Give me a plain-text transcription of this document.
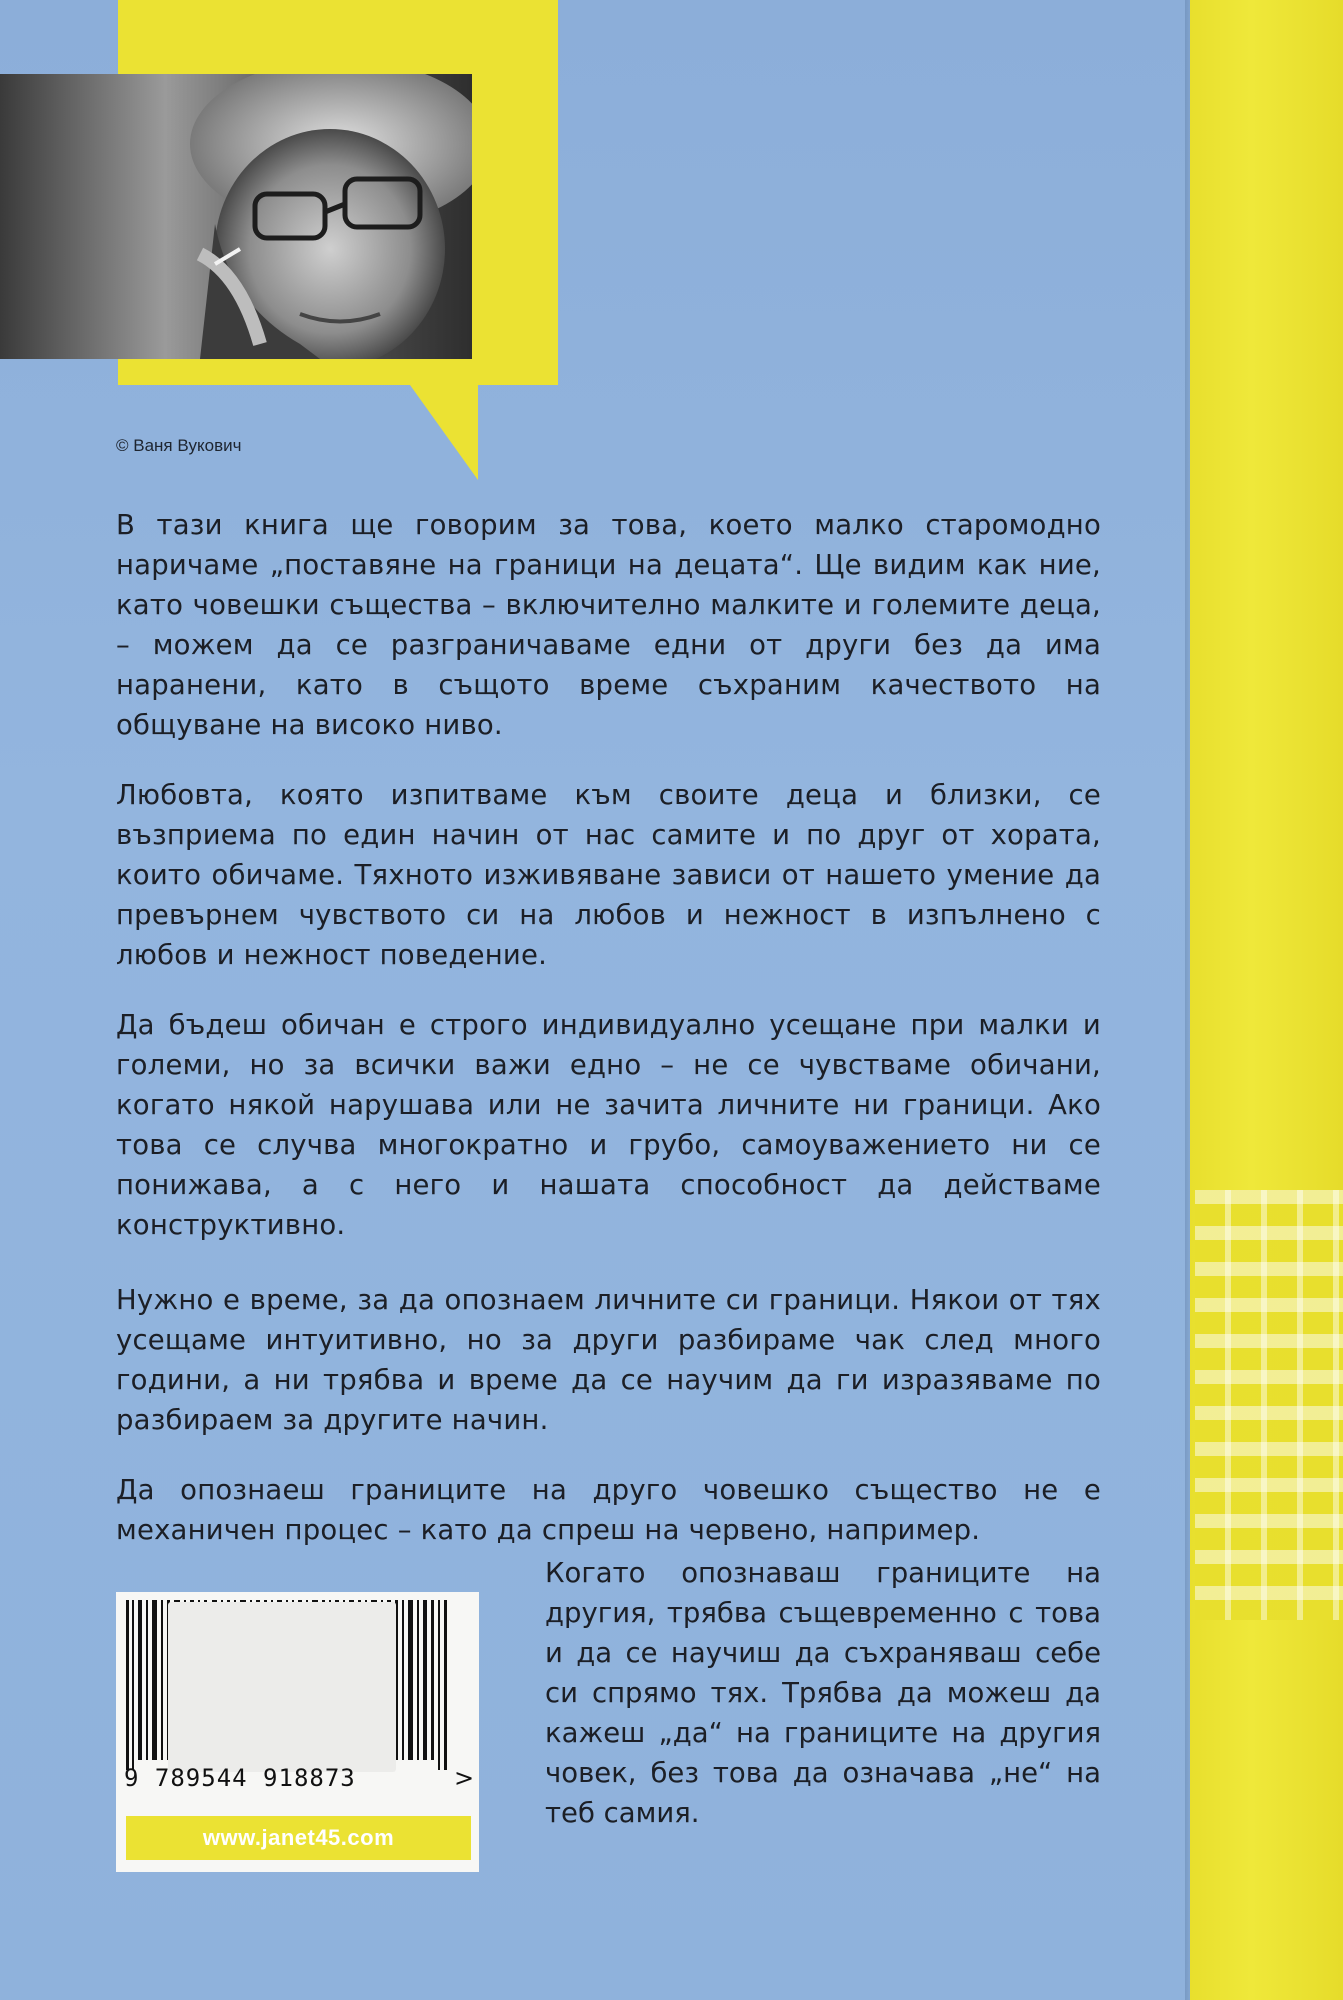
© Ваня Вукович

В тази книга ще говорим за това, което малко старомодно наричаме „поставяне на граници на децата“. Ще видим как ние, като човешки същества – включително малките и големите деца, – можем да се разграничаваме едни от други без да има наранени, като в същото време съхраним качеството на общуване на високо ниво.

Любовта, която изпитваме към своите деца и близки, се възприема по един начин от нас самите и по друг от хората, които обичаме. Тяхното изживяване зависи от нашето умение да превърнем чувството си на любов и нежност в изпълнено с любов и нежност поведение.

Да бъдеш обичан е строго индивидуално усещане при малки и големи, но за всички важи едно – не се чувстваме обичани, когато някой нарушава или не зачита личните ни граници. Ако това се случва многократно и грубо, самоуважението ни се понижава, а с него и нашата способност да действаме конструктивно.

Нужно е време, за да опознаем личните си граници. Някои от тях усещаме интуитивно, но за други разбираме чак след много години, а ни трябва и време да се научим да ги изразяваме по разбираем за другите начин.

Да опознаеш границите на друго човешко същество не е механичен процес – като да спреш на червено, например.

Когато опознаваш границите на другия, трябва същевременно с това и да се научиш да съхраняваш себе си спрямо тях. Трябва да можеш да кажеш „да“ на границите на другия човек, без това да означава „не“ на теб самия.

9 789544 918873	>
www.janet45.com
